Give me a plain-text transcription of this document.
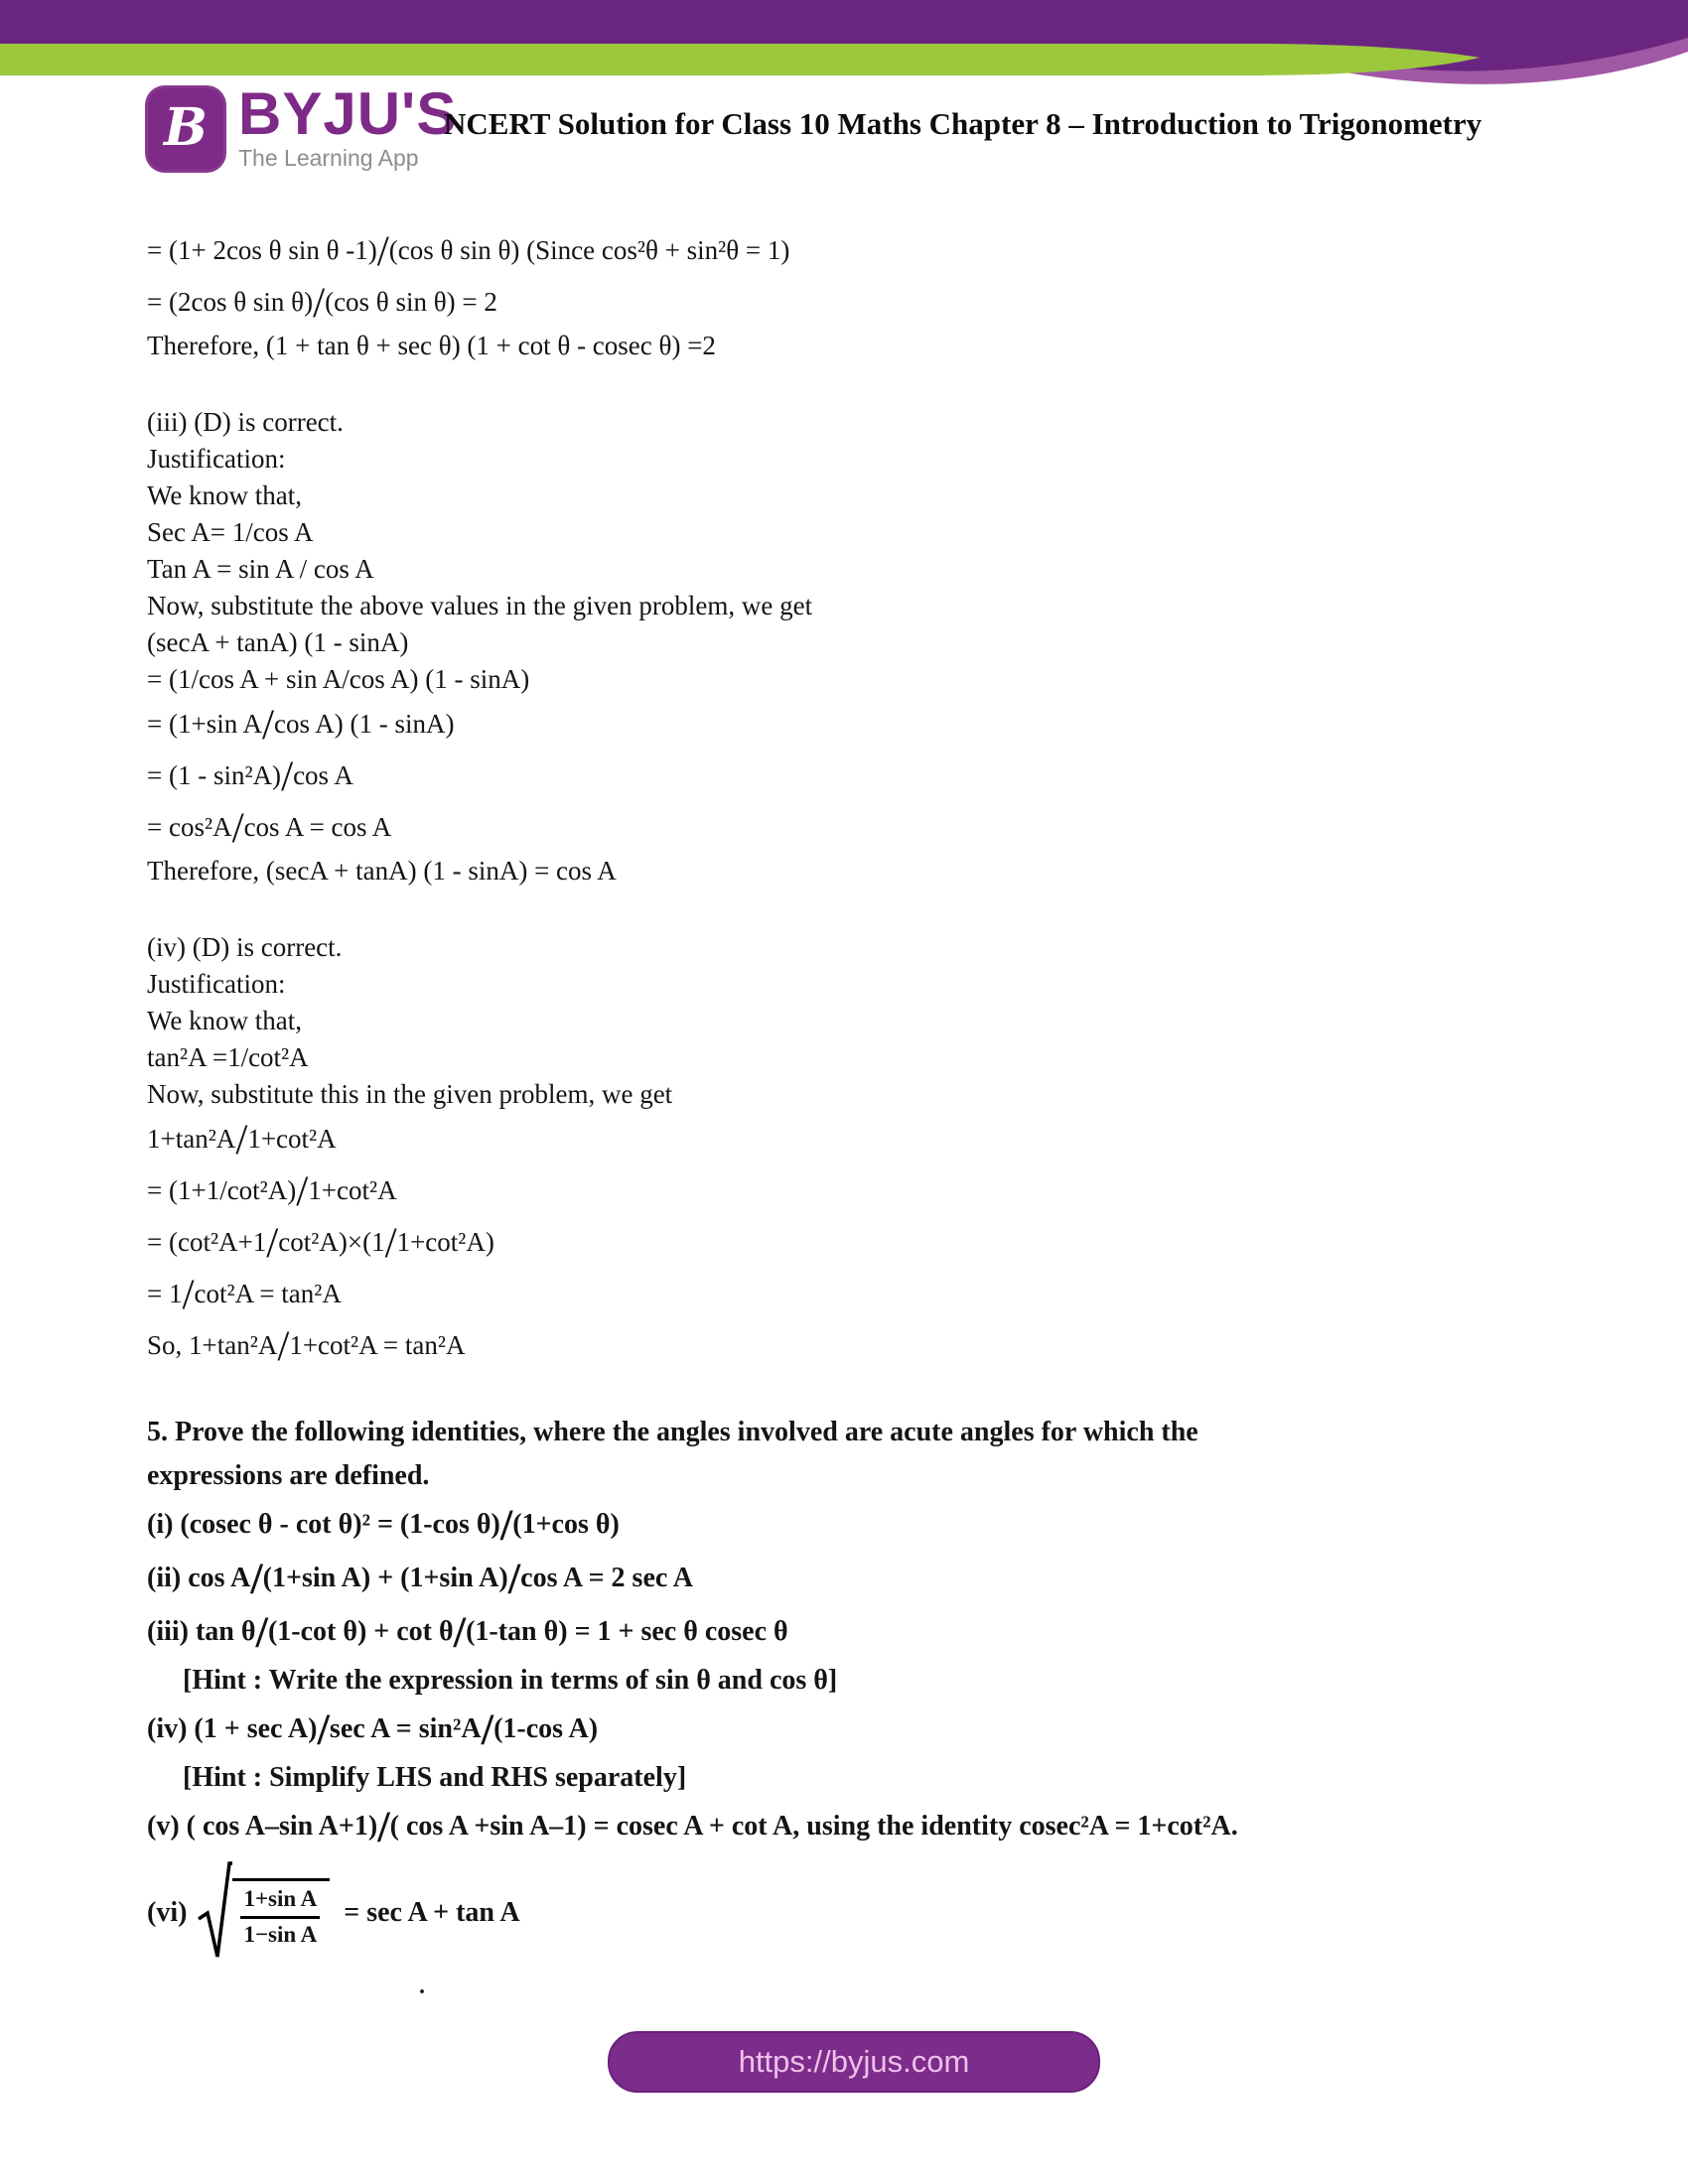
B BYJU'S
The Learning App
NCERT Solution for Class 10 Maths Chapter 8 – Introduction to Trigonometry
= (1+ 2cos θ sin θ -1)/(cos θ sin θ) (Since cos²θ + sin²θ = 1)
= (2cos θ sin θ)/(cos θ sin θ) = 2
Therefore, (1 + tan θ + sec θ) (1 + cot θ - cosec θ) =2
(iii) (D) is correct.
Justification:
We know that,
Sec A= 1/cos A
Tan A = sin A / cos A
Now, substitute the above values in the given problem, we get
(secA + tanA) (1 - sinA)
= (1/cos A + sin A/cos A) (1 - sinA)
= (1+sin A/cos A) (1 - sinA)
= (1 - sin²A)/cos A
= cos²A/cos A = cos A
Therefore, (secA + tanA) (1 - sinA) = cos A
(iv) (D) is correct.
Justification:
We know that,
tan²A =1/cot²A
Now, substitute this in the given problem, we get
1+tan²A/1+cot²A
= (1+1/cot²A)/1+cot²A
= (cot²A+1/cot²A)×(1/1+cot²A)
= 1/cot²A = tan²A
So, 1+tan²A/1+cot²A = tan²A
5. Prove the following identities, where the angles involved are acute angles for which the
expressions are defined.
(i) (cosec θ - cot θ)² = (1-cos θ)/(1+cos θ)
(ii) cos A/(1+sin A) + (1+sin A)/cos A = 2 sec A
(iii) tan θ/(1-cot θ) + cot θ/(1-tan θ) = 1 + sec θ cosec θ
[Hint : Write the expression in terms of sin θ and cos θ]
(iv) (1 + sec A)/sec A = sin²A/(1-cos A)
[Hint : Simplify LHS and RHS separately]
(v) ( cos A–sin A+1)/( cos A +sin A–1) = cosec A + cot A, using the identity cosec²A = 1+cot²A.
$(vi) \frac{\text{1+sin A}}{\text{1−sin A}} = \sec A + \tan A$
.
https://byjus.com
